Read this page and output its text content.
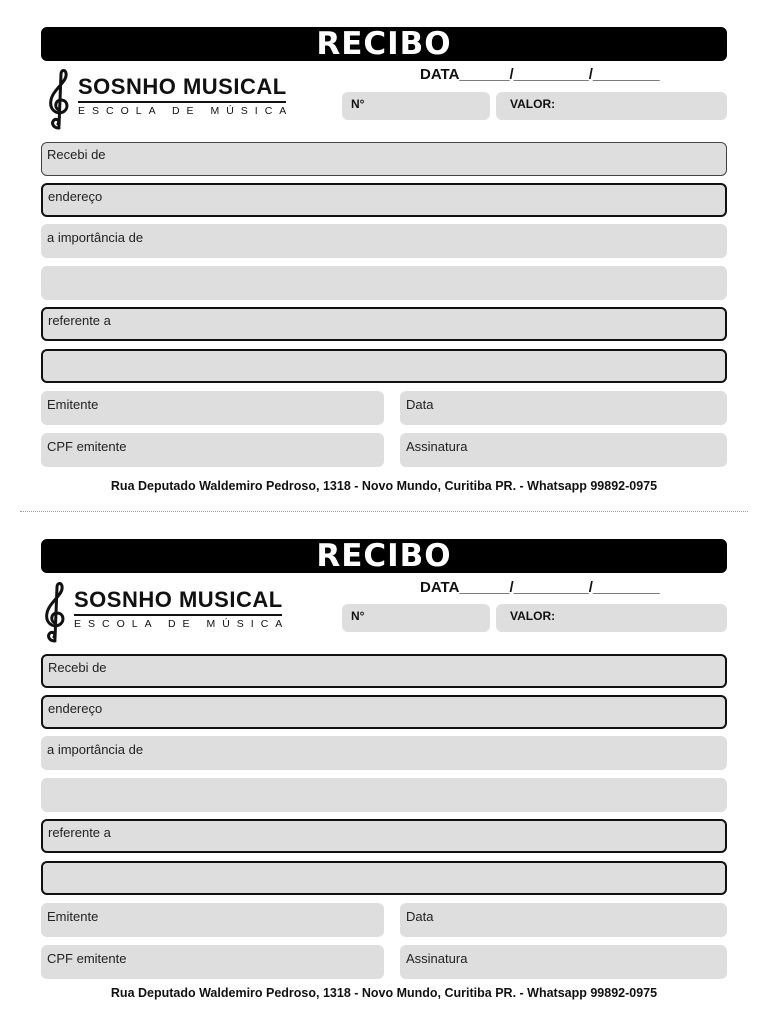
RECIBO
SOSNHO MUSICAL
ESCOLA DE MÚSICA
DATA______/_________/________
N°	VALOR:
Recebi de
endereço
a importância de
referente a
Emitente	Data
CPF emitente	Assinatura
Rua Deputado Waldemiro Pedroso, 1318 - Novo Mundo, Curitiba PR. - Whatsapp 99892-0975
RECIBO
SOSNHO MUSICAL
ESCOLA DE MÚSICA
DATA______/_________/________
N°	VALOR:
Recebi de
endereço
a importância de
referente a
Emitente	Data
CPF emitente	Assinatura
Rua Deputado Waldemiro Pedroso, 1318 - Novo Mundo, Curitiba PR. - Whatsapp 99892-0975
